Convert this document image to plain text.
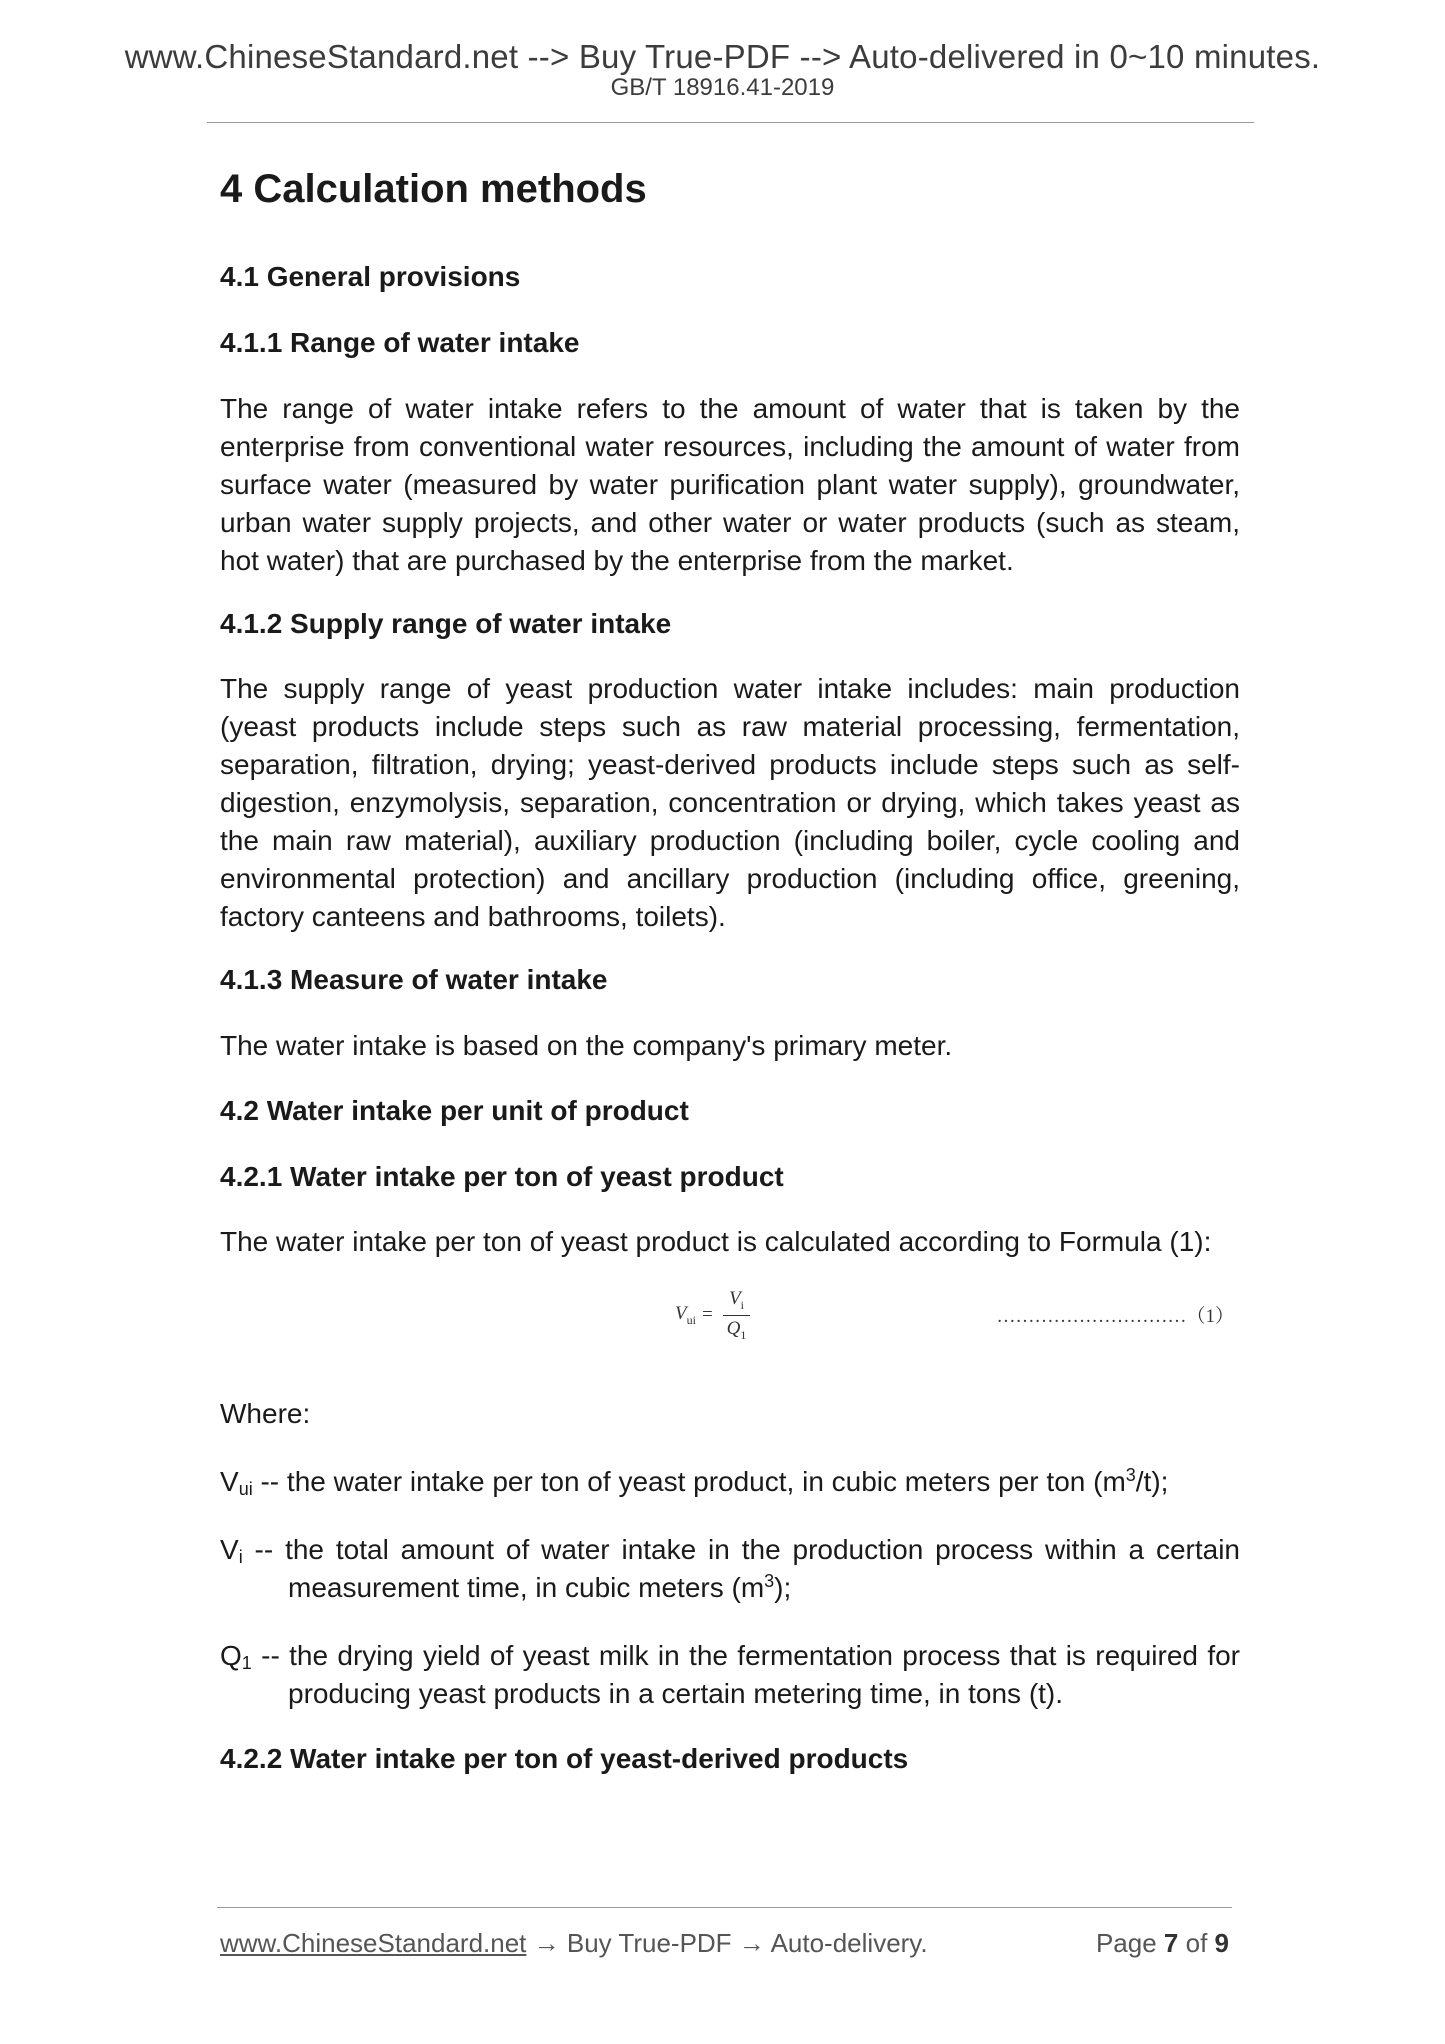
www.ChineseStandard.net --> Buy True-PDF --> Auto-delivered in 0~10 minutes.
GB/T 18916.41-2019
4 Calculation methods
4.1 General provisions
4.1.1 Range of water intake

The range of water intake refers to the amount of water that is taken by the enterprise from conventional water resources, including the amount of water from surface water (measured by water purification plant water supply), groundwater, urban water supply projects, and other water or water products (such as steam, hot water) that are purchased by the enterprise from the market.

4.1.2 Supply range of water intake

The supply range of yeast production water intake includes: main production (yeast products include steps such as raw material processing, fermentation, separation, filtration, drying; yeast-derived products include steps such as self-digestion, enzymolysis, separation, concentration or drying, which takes yeast as the main raw material), auxiliary production (including boiler, cycle cooling and environmental protection) and ancillary production (including office, greening, factory canteens and bathrooms, toilets).

4.1.3 Measure of water intake

The water intake is based on the company's primary meter.

4.2 Water intake per unit of product
4.2.1 Water intake per ton of yeast product

The water intake per ton of yeast product is calculated according to Formula (1):

$V_{ui} = \frac{V_i}{Q_1}$	…………………………（1）

Where:

$V_{ui}$ -- the water intake per ton of yeast product, in cubic meters per ton $(m^3/t)$;

$V_i$ -- the total amount of water intake in the production process within a certain measurement time, in cubic meters $(m^3)$;

$Q_1$ -- the drying yield of yeast milk in the fermentation process that is required for producing yeast products in a certain metering time, in tons (t).

4.2.2 Water intake per ton of yeast-derived products
www.ChineseStandard.net → Buy True-PDF → Auto-delivery.	Page 7 of 9
